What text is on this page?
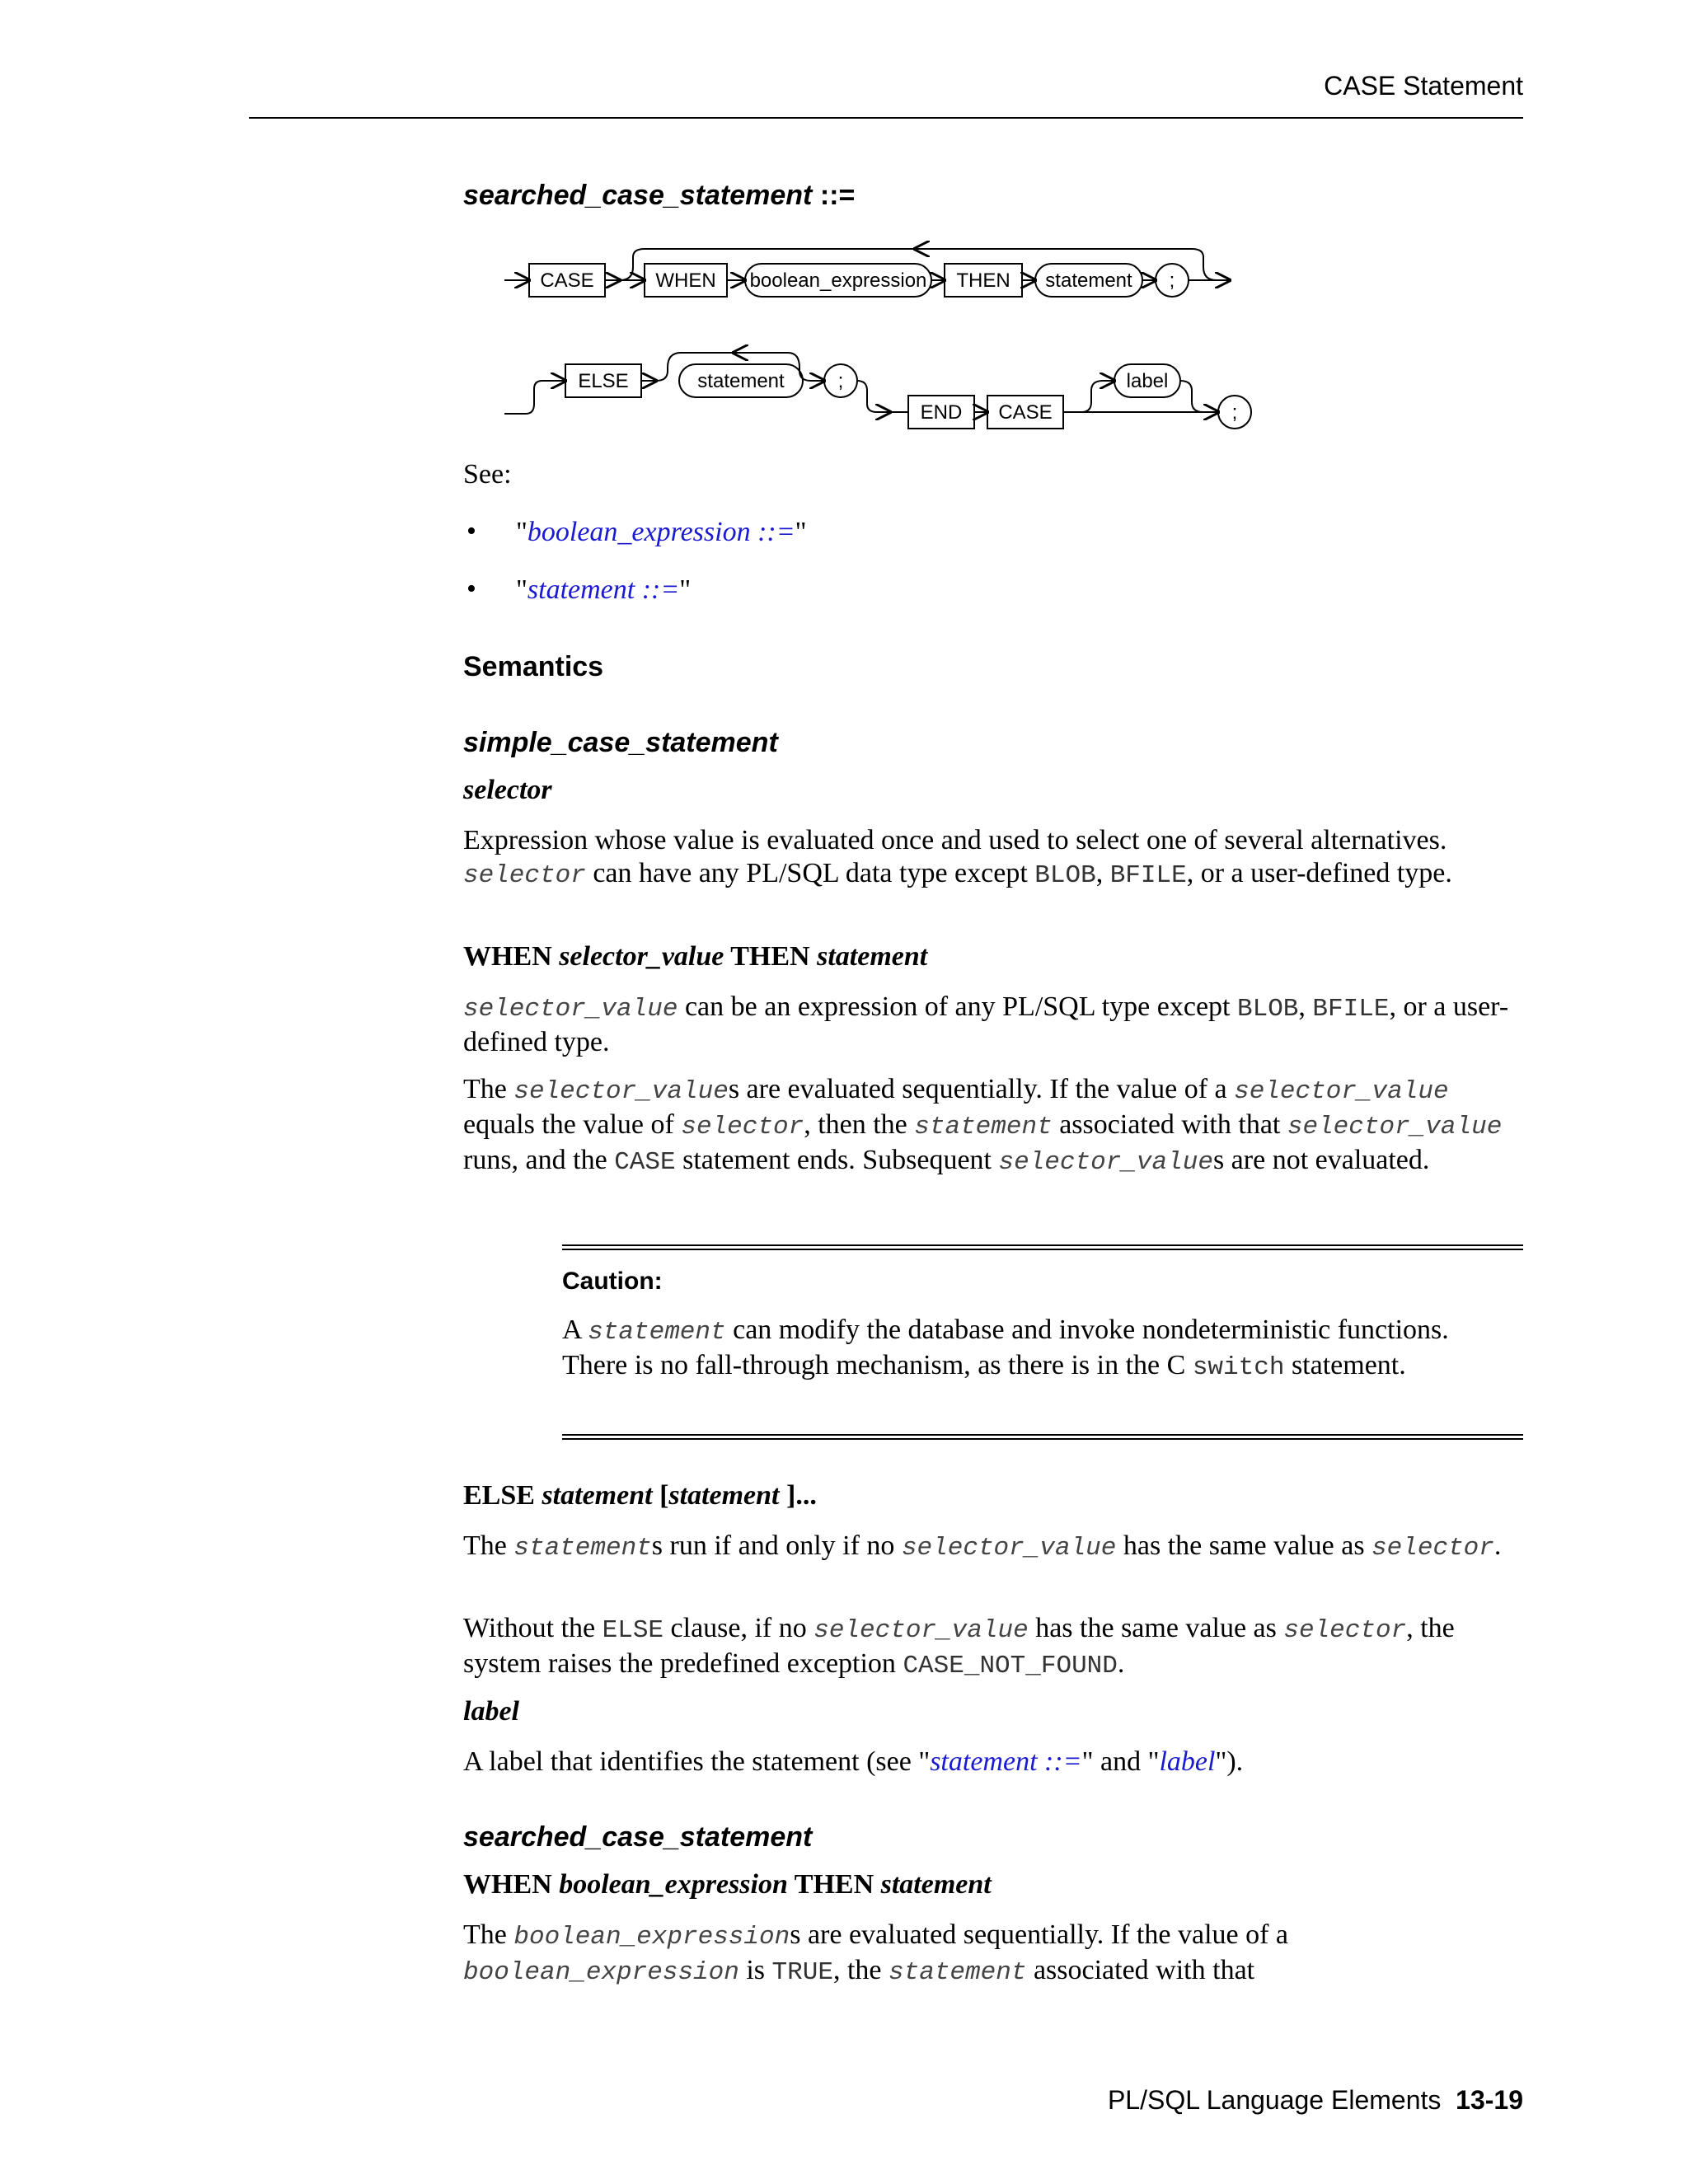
CASE Statement
searched_case_statement ::=
CASE	WHEN boolean_expression THEN statement ;
ELSE	statement	;
END CASE
label
;
See:
• "boolean_expression ::="
• "statement ::="
Semantics
simple_case_statement
selector
Expression whose value is evaluated once and used to select one of several alternatives. selector can have any PL/SQL data type except BLOB, BFILE, or a user-defined type.
WHEN selector_value THEN statement
selector_value can be an expression of any PL/SQL type except BLOB, BFILE, or a user-defined type.
The selector_values are evaluated sequentially. If the value of a selector_value equals the value of selector, then the statement associated with that selector_value runs, and the CASE statement ends. Subsequent selector_values are not evaluated.
Caution:
A statement can modify the database and invoke nondeterministic functions. There is no fall-through mechanism, as there is in the C switch statement.
ELSE statement [statement ]...
The statements run if and only if no selector_value has the same value as selector.
Without the ELSE clause, if no selector_value has the same value as selector, the system raises the predefined exception CASE_NOT_FOUND.
label
A label that identifies the statement (see "statement ::=" and "label").
searched_case_statement
WHEN boolean_expression THEN statement
The boolean_expressions are evaluated sequentially. If the value of a boolean_expression is TRUE, the statement associated with that
PL/SQL Language Elements 13-19
